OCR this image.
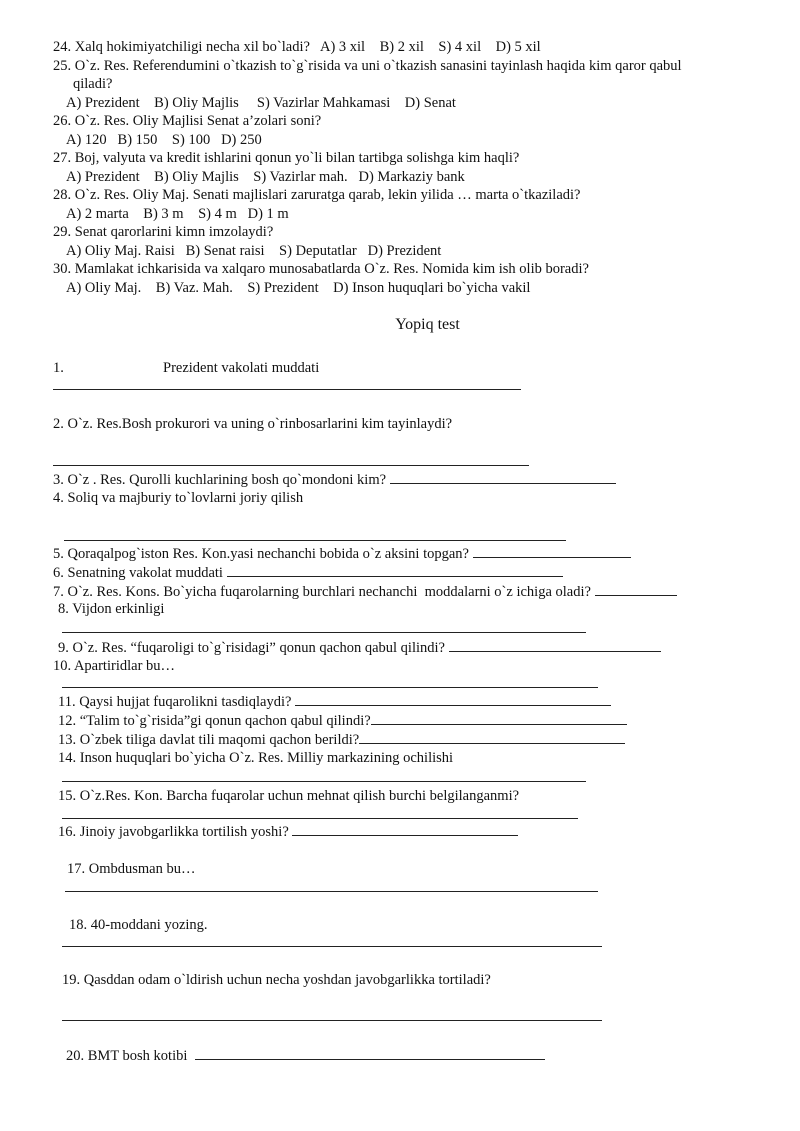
24. Xalq hokimiyatchiligi necha xil bo`ladi?   A) 3 xil    B) 2 xil    S) 4 xil    D) 5 xil
25. O`z. Res. Referendumini o`tkazish to`g`risida va uni o`tkazish sanasini tayinlash haqida kim qaror qabul
qiladi?
A) Prezident    B) Oliy Majlis     S) Vazirlar Mahkamasi    D) Senat
26. O`z. Res. Oliy Majlisi Senat a’zolari soni?
A) 120   B) 150    S) 100   D) 250
27. Boj, valyuta va kredit ishlarini qonun yo`li bilan tartibga solishga kim haqli?
A) Prezident    B) Oliy Majlis    S) Vazirlar mah.   D) Markaziy bank
28. O`z. Res. Oliy Maj. Senati majlislari zaruratga qarab, lekin yilida … marta o`tkaziladi?
A) 2 marta    B) 3 m    S) 4 m   D) 1 m
29. Senat qarorlarini kimn imzolaydi?
A) Oliy Maj. Raisi   B) Senat raisi    S) Deputatlar   D) Prezident
30. Mamlakat ichkarisida va xalqaro munosabatlarda O`z. Res. Nomida kim ish olib boradi?
A) Oliy Maj.    B) Vaz. Mah.    S) Prezident    D) Inson huquqlari bo`yicha vakil
Yopiq test
1.	Prezident vakolati muddati
2. O`z. Res.Bosh prokurori va uning o`rinbosarlarini kim tayinlaydi?
3. O`z . Res. Qurolli kuchlarining bosh qo`mondoni kim?
4. Soliq va majburiy to`lovlarni joriy qilish
5. Qoraqalpog`iston Res. Kon.yasi nechanchi bobida o`z aksini topgan?
6. Senatning vakolat muddati
7. O`z. Res. Kons. Bo`yicha fuqarolarning burchlari nechanchi  moddalarni o`z ichiga oladi?
8. Vijdon erkinligi
9. O`z. Res. “fuqaroligi to`g`risidagi” qonun qachon qabul qilindi?
10. Apartiridlar bu…
11. Qaysi hujjat fuqarolikni tasdiqlaydi?
12. “Talim to`g`risida”gi qonun qachon qabul qilindi?
13. O`zbek tiliga davlat tili maqomi qachon berildi?
14. Inson huquqlari bo`yicha O`z. Res. Milliy markazining ochilishi
15. O`z.Res. Kon. Barcha fuqarolar uchun mehnat qilish burchi belgilanganmi?
16. Jinoiy javobgarlikka tortilish yoshi?
17. Ombdusman bu…
18. 40-moddani yozing.
19. Qasddan odam o`ldirish uchun necha yoshdan javobgarlikka tortiladi?
20. BMT bosh kotibi
